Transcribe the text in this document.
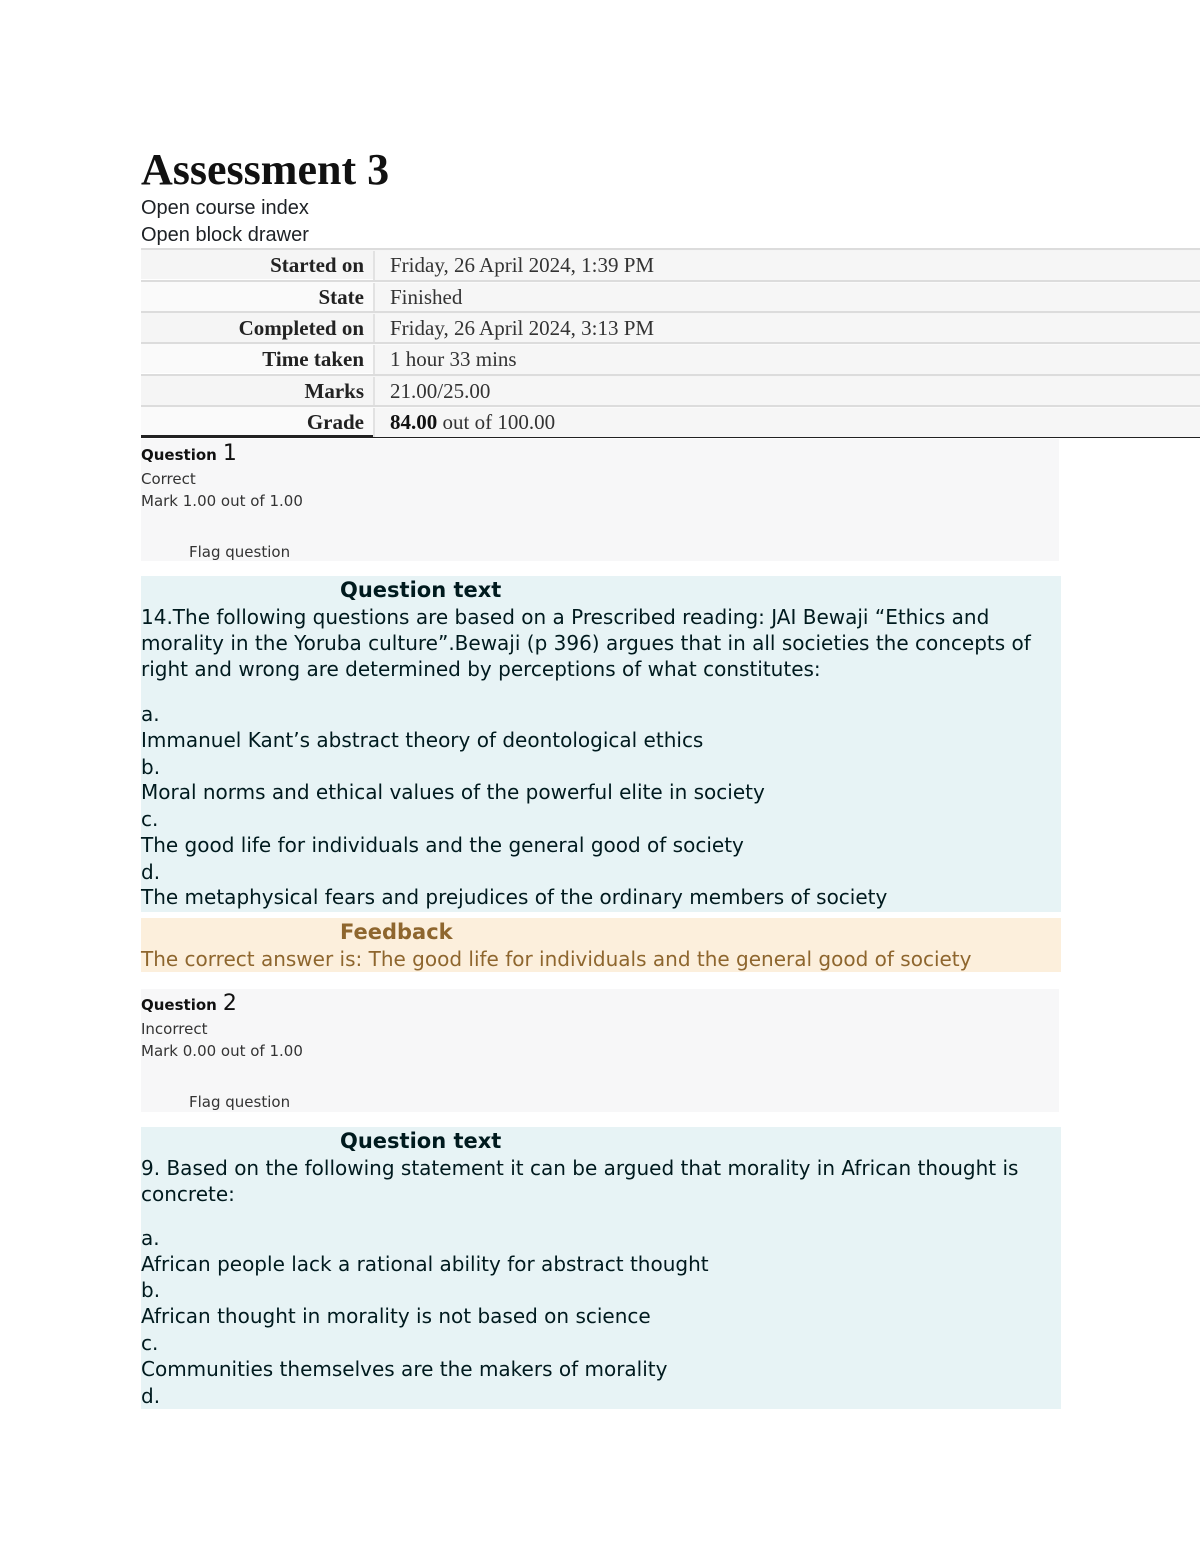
Assessment 3
Open course index
Open block drawer
Started on	Friday, 26 April 2024, 1:39 PM
State	Finished
Completed on	Friday, 26 April 2024, 3:13 PM
Time taken	1 hour 33 mins
Marks	21.00/25.00
Grade	84.00 out of 100.00
Question 1
Correct
Mark 1.00 out of 1.00
Flag question
Question text

14.The following questions are based on a Prescribed reading: JAI Bewaji “Ethics and morality in the Yoruba culture”.Bewaji (p 396) argues that in all societies the concepts of right and wrong are determined by perceptions of what constitutes:

a.
Immanuel Kant’s abstract theory of deontological ethics
b.
Moral norms and ethical values of the powerful elite in society
c.
The good life for individuals and the general good of society
d.
The metaphysical fears and prejudices of the ordinary members of society
Feedback
The correct answer is: The good life for individuals and the general good of society
Question 2
Incorrect
Mark 0.00 out of 1.00
Flag question
Question text

9. Based on the following statement it can be argued that morality in African thought is concrete:

a.
African people lack a rational ability for abstract thought
b.
African thought in morality is not based on science
c.
Communities themselves are the makers of morality
d.
